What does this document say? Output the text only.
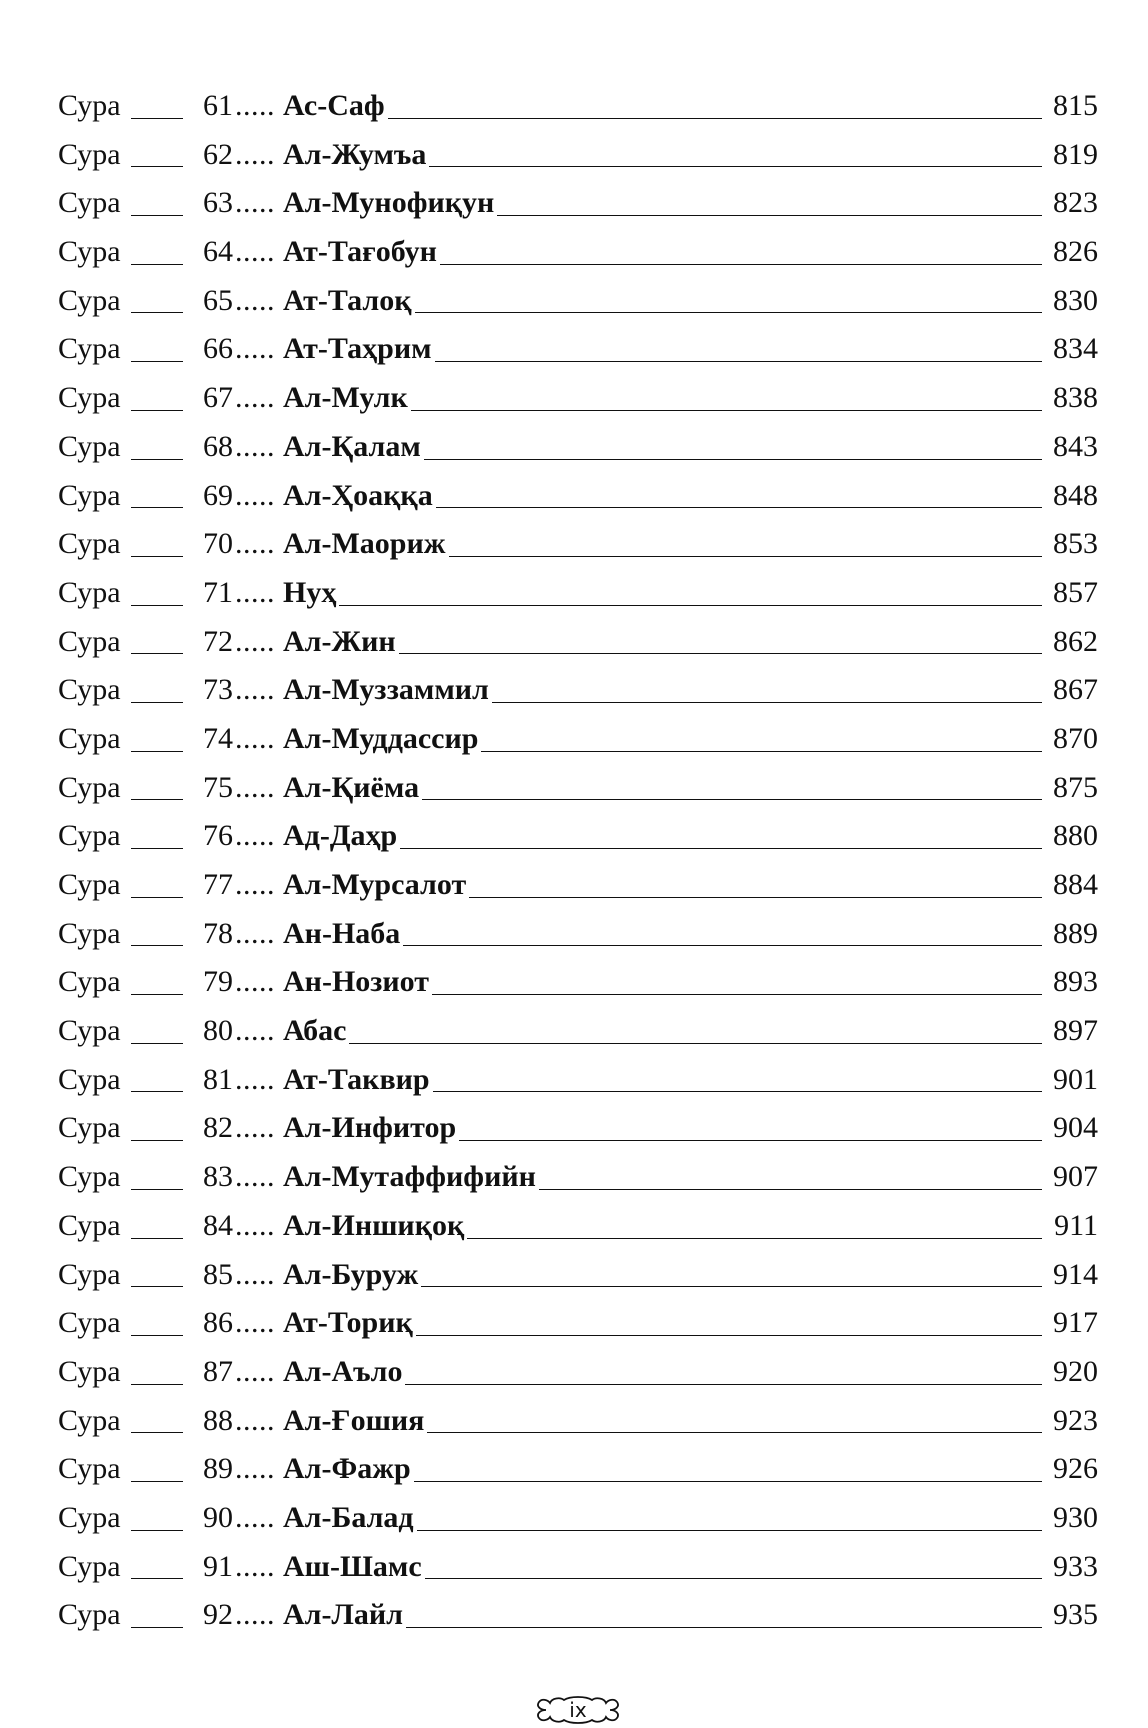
Сура	61 ..... Ас-Саф	815
Сура	62 ..... Ал-Жумъа	819
Сура	63 ..... Ал-Мунофиқун	823
Сура	64 ..... Ат-Тағобун	826
Сура	65 ..... Ат-Талоқ	830
Сура	66 ..... Ат-Таҳрим	834
Сура	67 ..... Ал-Мулк	838
Сура	68 ..... Ал-Қалам	843
Сура	69 ..... Ал-Ҳоаққа	848
Сура	70 ..... Ал-Маориж	853
Сура	71 ..... Нуҳ	857
Сура	72 ..... Ал-Жин	862
Сура	73 ..... Ал-Муззаммил	867
Сура	74 ..... Ал-Муддассир	870
Сура	75 ..... Ал-Қиёма	875
Сура	76 ..... Ад-Даҳр	880
Сура	77 ..... Ал-Мурсалот	884
Сура	78 ..... Ан-Наба	889
Сура	79 ..... Ан-Нозиот	893
Сура	80 ..... Абас	897
Сура	81 ..... Ат-Таквир	901
Сура	82 ..... Ал-Инфитор	904
Сура	83 ..... Ал-Мутаффифийн	907
Сура	84 ..... Ал-Иншиқоқ	911
Сура	85 ..... Ал-Буруж	914
Сура	86 ..... Ат-Ториқ	917
Сура	87 ..... Ал-Аъло	920
Сура	88 ..... Ал-Ғошия	923
Сура	89 ..... Ал-Фажр	926
Сура	90 ..... Ал-Балад	930
Сура	91 ..... Аш-Шамс	933
Сура	92 ..... Ал-Лайл	935
ix
